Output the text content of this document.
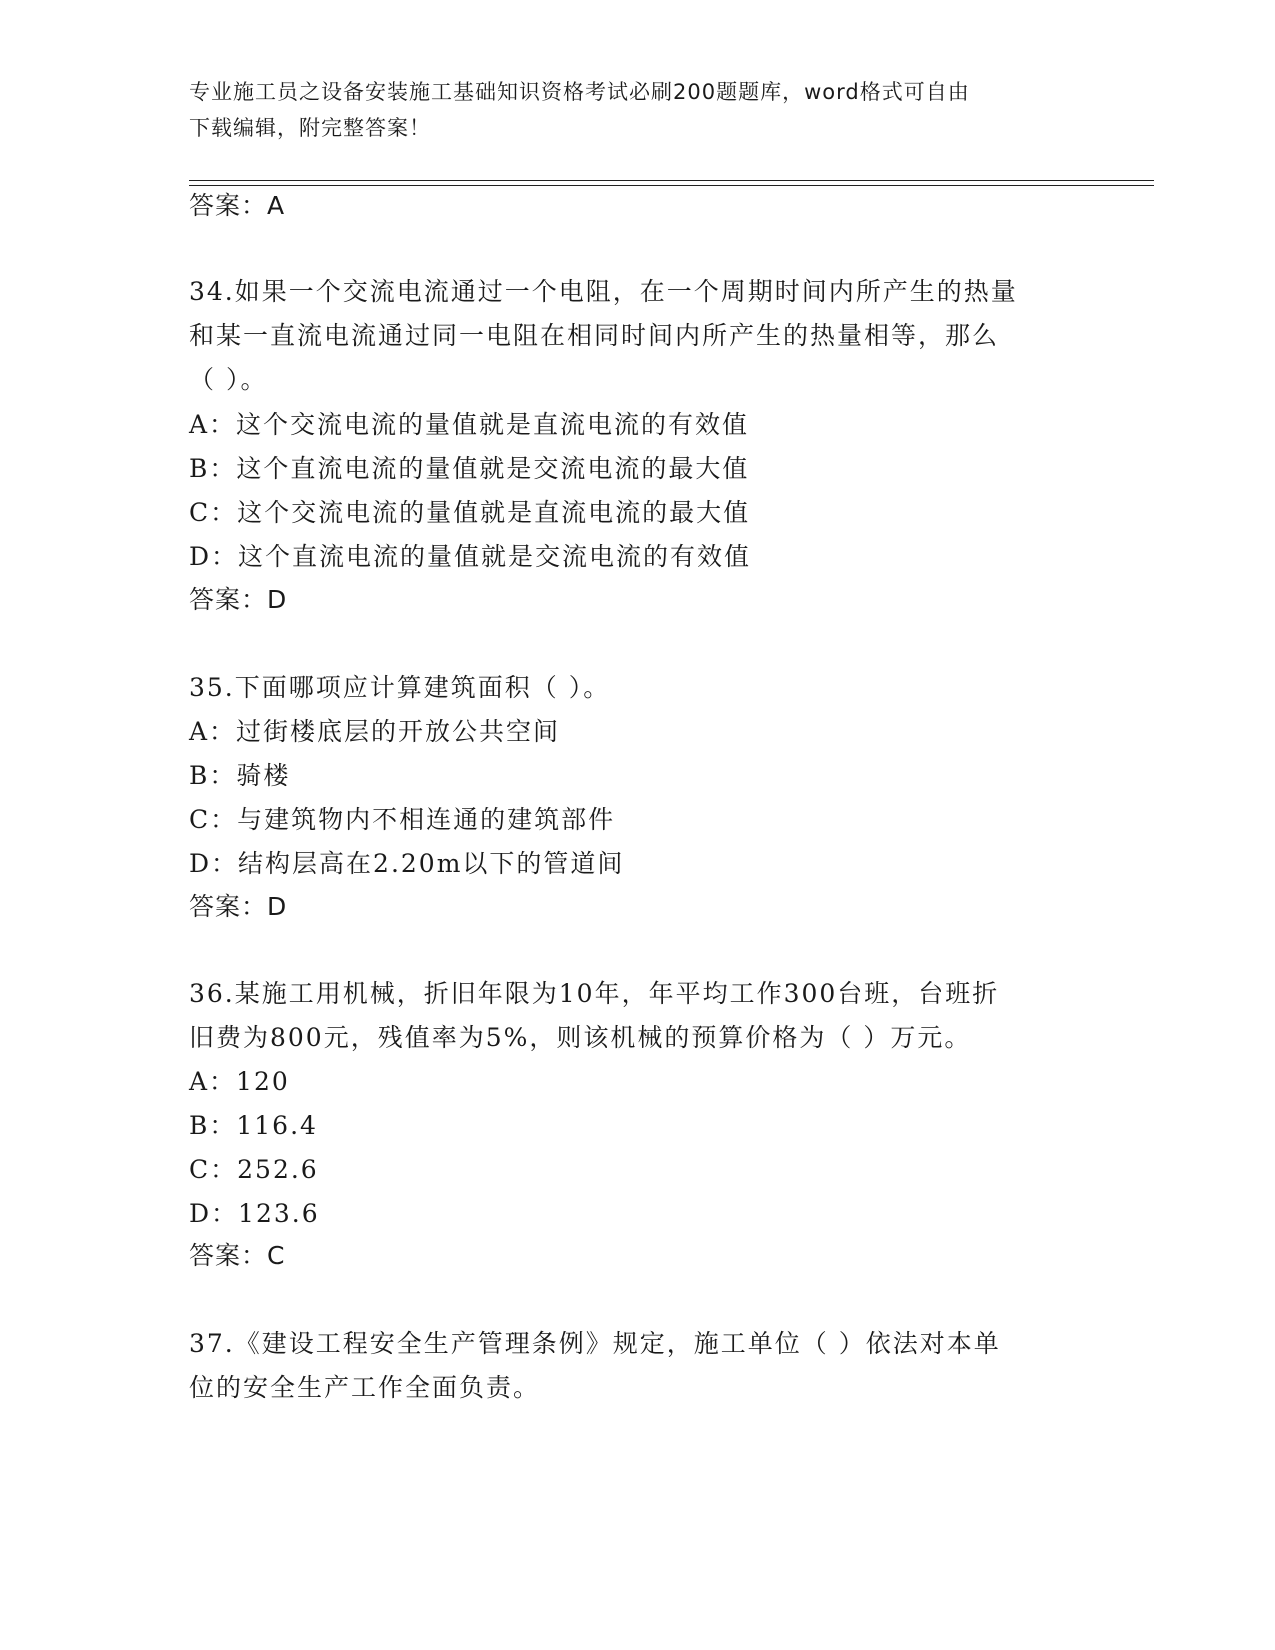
专业施工员之设备安装施工基础知识资格考试必刷200题题库，word格式可自由
下载编辑，附完整答案！
答案：A
34.如果一个交流电流通过一个电阻，在一个周期时间内所产生的热量
和某一直流电流通过同一电阻在相同时间内所产生的热量相等，那么
（ ）。
A：这个交流电流的量值就是直流电流的有效值
B：这个直流电流的量值就是交流电流的最大值
C：这个交流电流的量值就是直流电流的最大值
D：这个直流电流的量值就是交流电流的有效值
答案：D
35.下面哪项应计算建筑面积（ ）。
A：过街楼底层的开放公共空间
B：骑楼
C：与建筑物内不相连通的建筑部件
D：结构层高在2.20m以下的管道间
答案：D
36.某施工用机械，折旧年限为10年，年平均工作300台班，台班折
旧费为800元，残值率为5%，则该机械的预算价格为（ ）万元。
A：120
B：116.4
C：252.6
D：123.6
答案：C
37.《建设工程安全生产管理条例》规定，施工单位（ ）依法对本单
位的安全生产工作全面负责。
